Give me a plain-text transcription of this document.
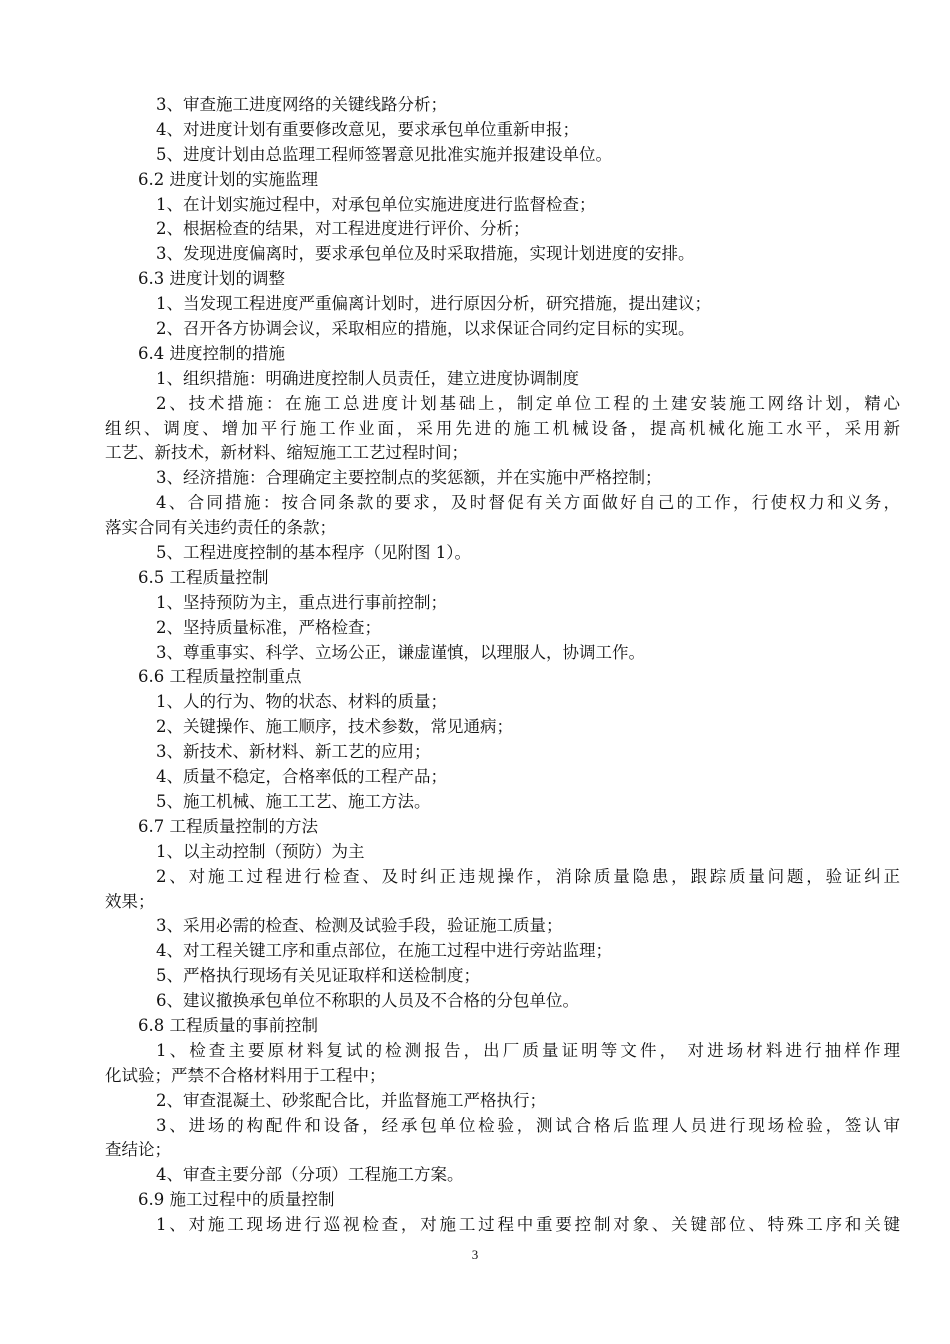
3、审查施工进度网络的关键线路分析；
4、对进度计划有重要修改意见，要求承包单位重新申报；
5、进度计划由总监理工程师签署意见批准实施并报建设单位。
6.2 进度计划的实施监理
1、在计划实施过程中，对承包单位实施进度进行监督检查；
2、根据检查的结果，对工程进度进行评价、分析；
3、发现进度偏离时，要求承包单位及时采取措施，实现计划进度的安排。
6.3 进度计划的调整
1、当发现工程进度严重偏离计划时，进行原因分析，研究措施，提出建议；
2、召开各方协调会议，采取相应的措施，以求保证合同约定目标的实现。
6.4 进度控制的措施
1、组织措施：明确进度控制人员责任，建立进度协调制度
2、技术措施：在施工总进度计划基础上，制定单位工程的土建安装施工网络计划，精心
组织、调度、增加平行施工作业面，采用先进的施工机械设备，提高机械化施工水平，采用新
工艺、新技术，新材料、缩短施工工艺过程时间；
3、经济措施：合理确定主要控制点的奖惩额，并在实施中严格控制；
4、合同措施：按合同条款的要求，及时督促有关方面做好自己的工作，行使权力和义务，
落实合同有关违约责任的条款；
5、工程进度控制的基本程序（见附图 1）。
6.5 工程质量控制
1、坚持预防为主，重点进行事前控制；
2、坚持质量标准，严格检查；
3、尊重事实、科学、立场公正，谦虚谨慎，以理服人，协调工作。
6.6 工程质量控制重点
1、人的行为、物的状态、材料的质量；
2、关键操作、施工顺序，技术参数，常见通病；
3、新技术、新材料、新工艺的应用；
4、质量不稳定，合格率低的工程产品；
5、施工机械、施工工艺、施工方法。
6.7 工程质量控制的方法
1、以主动控制（预防）为主
2、对施工过程进行检查、及时纠正违规操作，消除质量隐患，跟踪质量问题，验证纠正
效果；
3、采用必需的检查、检测及试验手段，验证施工质量；
4、对工程关键工序和重点部位，在施工过程中进行旁站监理；
5、严格执行现场有关见证取样和送检制度；
6、建议撤换承包单位不称职的人员及不合格的分包单位。
6.8 工程质量的事前控制
1、检查主要原材料复试的检测报告，出厂质量证明等文件， 对进场材料进行抽样作理
化试验；严禁不合格材料用于工程中；
2、审查混凝土、砂浆配合比，并监督施工严格执行；
3、进场的构配件和设备，经承包单位检验，测试合格后监理人员进行现场检验，签认审
查结论；
4、审查主要分部（分项）工程施工方案。
6.9 施工过程中的质量控制
1、对施工现场进行巡视检查，对施工过程中重要控制对象、关键部位、特殊工序和关键
3
